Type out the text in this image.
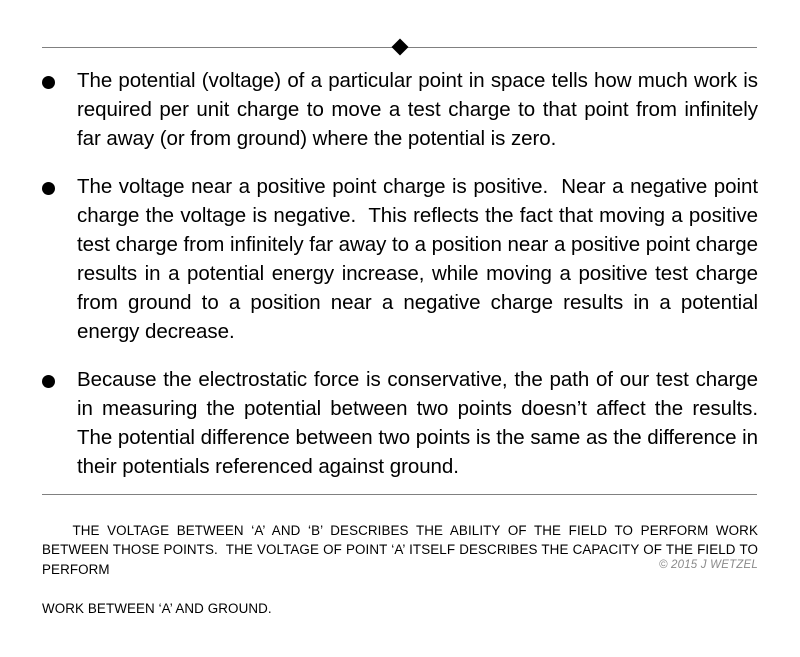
The potential (voltage) of a particular point in space tells how much work is required per unit charge to move a test charge to that point from infinitely far away (or from ground) where the potential is zero.
The voltage near a positive point charge is positive.  Near a negative point charge the voltage is negative.  This reflects the fact that moving a positive test charge from infinitely far away to a position near a positive point charge results in a potential energy increase, while moving a positive test charge from ground to a position near a negative charge results in a potential energy decrease.
Because the electrostatic force is conservative, the path of our test charge in measuring the potential between two points doesn’t affect the results.  The potential difference between two points is the same as the difference in their potentials referenced against ground.

THE VOLTAGE BETWEEN ‘A’ AND ‘B’ DESCRIBES THE ABILITY OF THE FIELD TO PERFORM WORK BETWEEN THOSE POINTS.  THE VOLTAGE OF POINT ‘A’ ITSELF DESCRIBES THE CAPACITY OF THE FIELD TO PERFORM

WORK BETWEEN ‘A’ AND GROUND.

© 2015 J WETZEL
